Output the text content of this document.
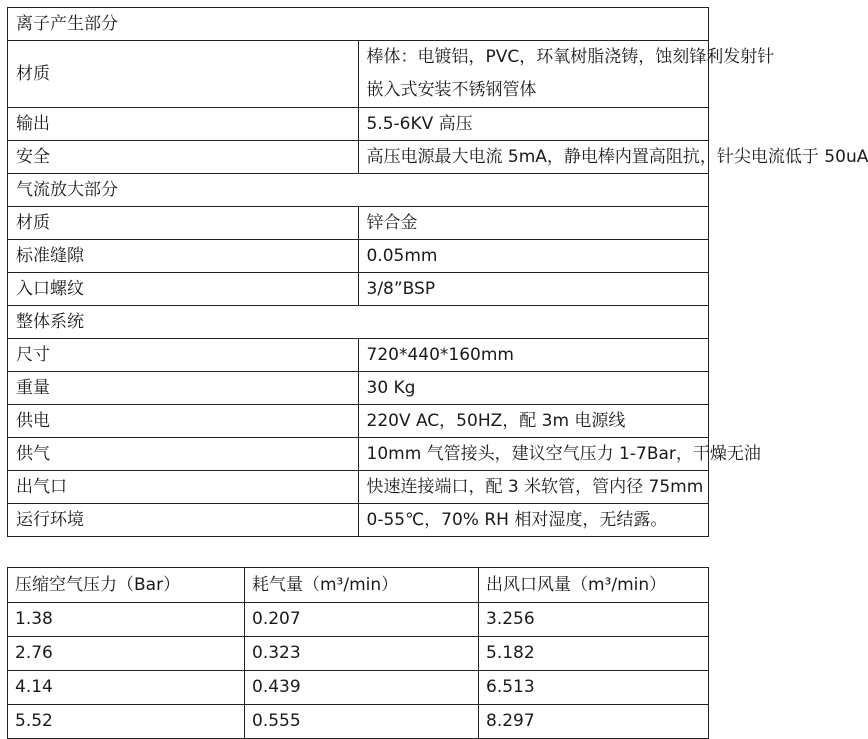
离子产生部分	
材质	棒体：电镀铝，PVC，环氧树脂浇铸，蚀刻锋利发射针
嵌入式安装不锈钢管体

输出	5.5-6KV 高压
安全	高压电源最大电流 5mA，静电棒内置高阻抗，针尖电流低于 50uA
气流放大部分	
材质	锌合金
标准缝隙	0.05mm
入口螺纹	3/8”BSP
整体系统	
尺寸	720*440*160mm
重量	30 Kg
供电	220V AC，50HZ，配 3m 电源线
供气	10mm 气管接头，建议空气压力 1-7Bar，干燥无油
出气口	快速连接端口，配 3 米软管，管内径 75mm
运行环境	0-55℃，70% RH 相对湿度，无结露。
压缩空气压力（Bar）	耗气量（m³/min）	出风口风量（m³/min）
1.38	0.207	3.256
2.76	0.323	5.182
4.14	0.439	6.513
5.52	0.555	8.297
